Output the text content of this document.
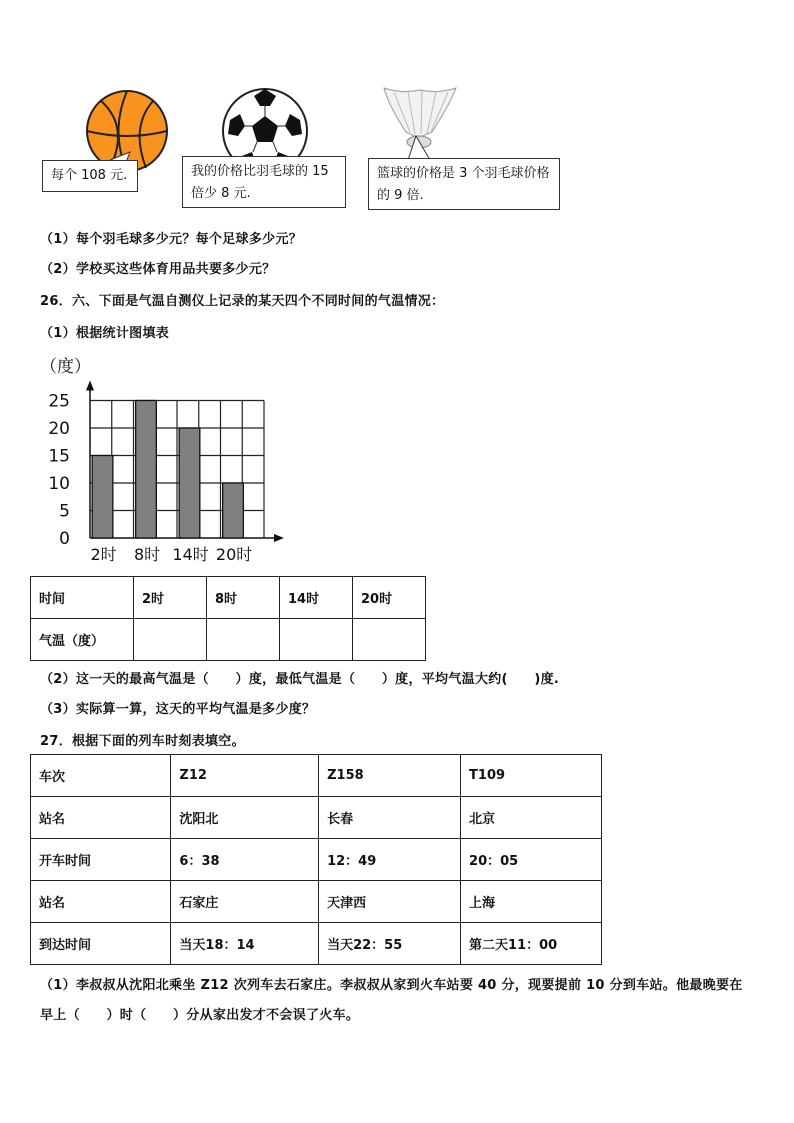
每个 108 元.	我的价格比羽毛球的 15 倍少 8 元.
篮球的价格是 3 个羽毛球价格的 9 倍.
（1）每个羽毛球多少元？每个足球多少元？
（2）学校买这些体育用品共要多少元？
26．六、下面是气温自测仪上记录的某天四个不同时间的气温情况：
（1）根据统计图填表
0
5
10
15
20
25
（度）
2时 8时 14时 20时
时间	2时	8时	14时	20时
气温（度）				
（2）这一天的最高气温是（　　）度，最低气温是（　　）度，平均气温大约(　　)度.
（3）实际算一算，这天的平均气温是多少度？
27．根据下面的列车时刻表填空。
车次	Z12	Z158	T109
站名	沈阳北	长春	北京
开车时间	6：38	12：49	20：05
站名	石家庄	天津西	上海
到达时间	当天18：14	当天22：55	第二天11：00
（1）李叔叔从沈阳北乘坐 Z12 次列车去石家庄。李叔叔从家到火车站要 40 分，现要提前 10 分到车站。他最晚要在
早上（　　）时（　　）分从家出发才不会误了火车。
